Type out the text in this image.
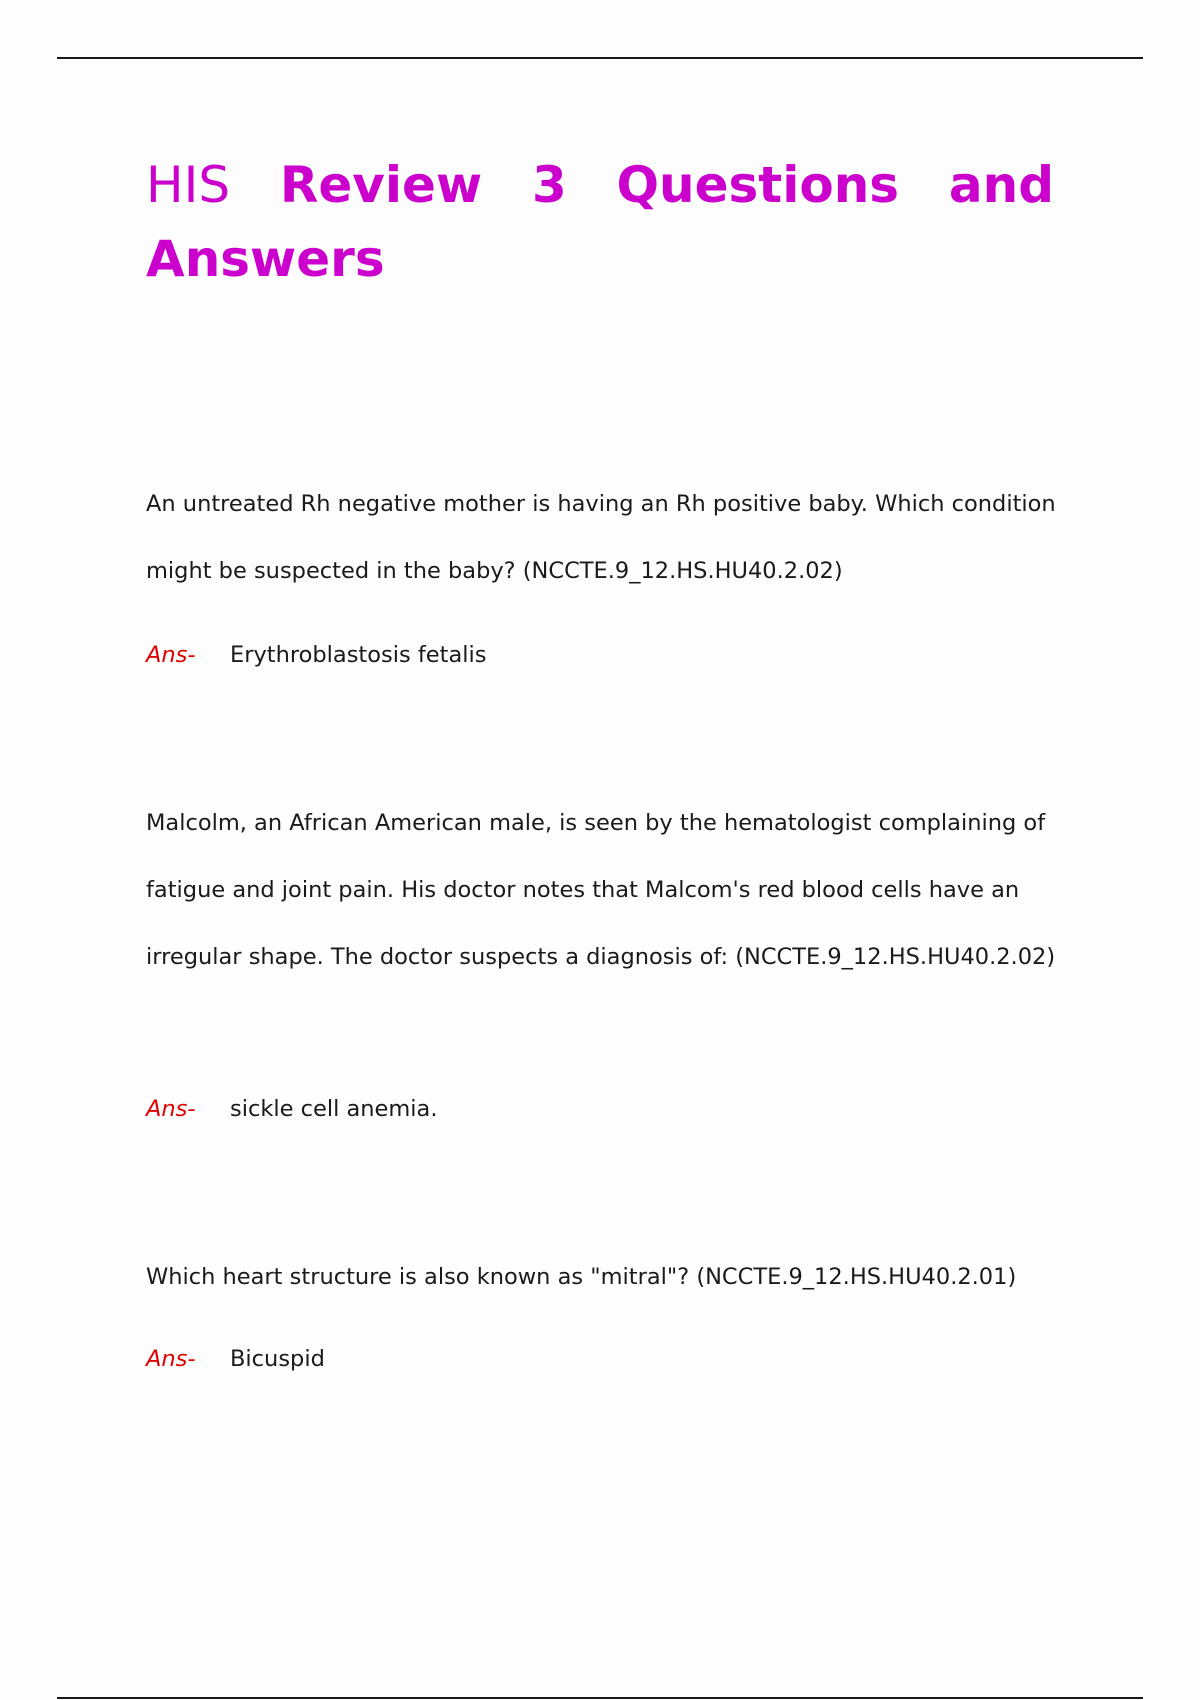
HIS Review 3 Questions and
Answers

An untreated Rh negative mother is having an Rh positive baby. Which condition might be suspected in the baby? (NCCTE.9_12.HS.HU40.2.02)

Ans- Erythroblastosis fetalis

Malcolm, an African American male, is seen by the hematologist complaining of fatigue and joint pain. His doctor notes that Malcom's red blood cells have an irregular shape. The doctor suspects a diagnosis of: (NCCTE.9_12.HS.HU40.2.02)

Ans- sickle cell anemia.

Which heart structure is also known as "mitral"? (NCCTE.9_12.HS.HU40.2.01)

Ans- Bicuspid
